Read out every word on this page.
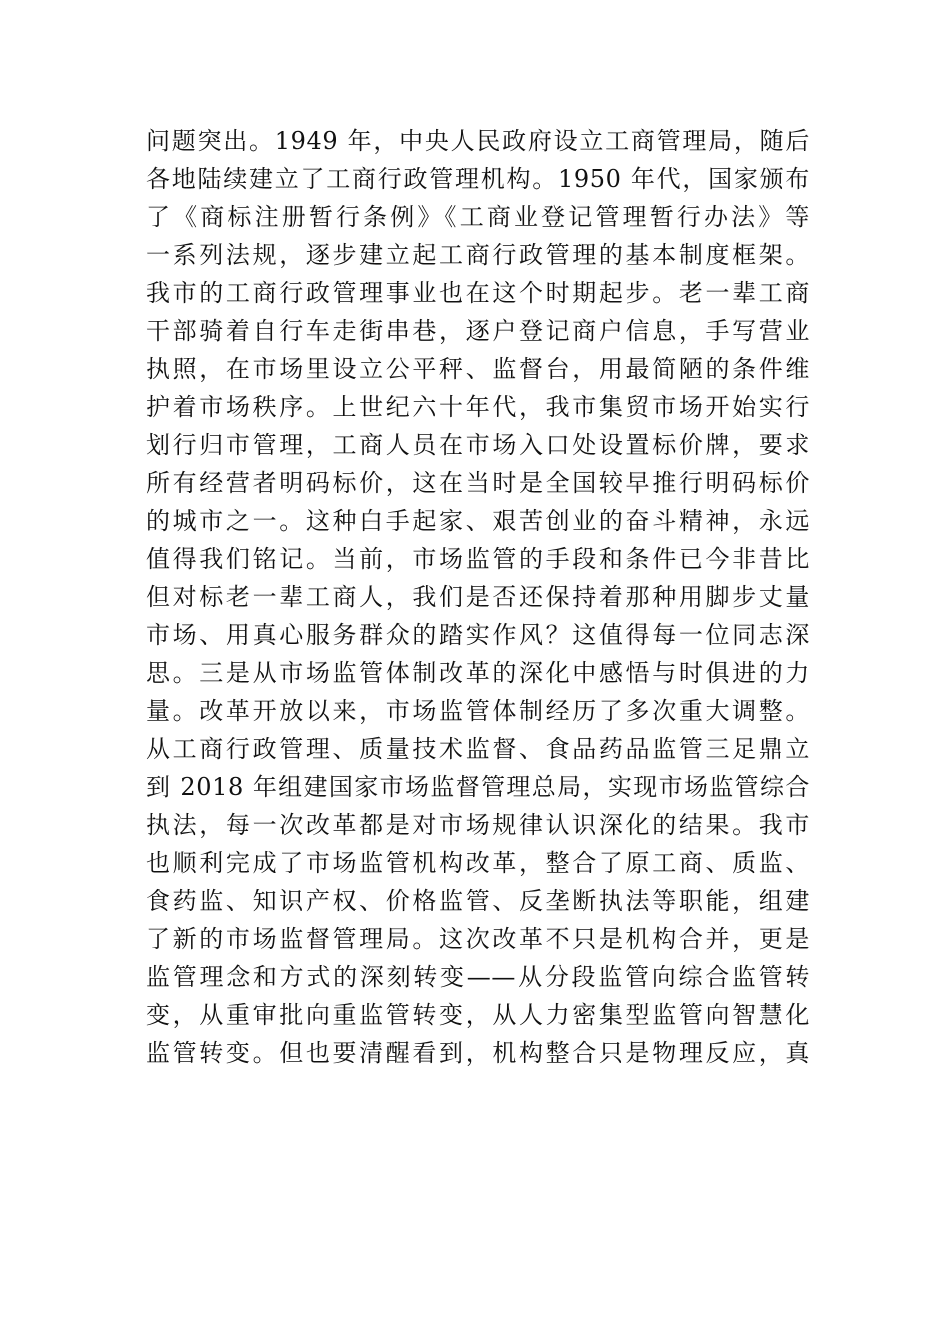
问题突出。1949 年，中央人民政府设立工商管理局，随后
各地陆续建立了工商行政管理机构。1950 年代，国家颁布
了《商标注册暂行条例》《工商业登记管理暂行办法》等
一系列法规，逐步建立起工商行政管理的基本制度框架。
我市的工商行政管理事业也在这个时期起步。老一辈工商
干部骑着自行车走街串巷，逐户登记商户信息，手写营业
执照，在市场里设立公平秤、监督台，用最简陋的条件维
护着市场秩序。上世纪六十年代，我市集贸市场开始实行
划行归市管理，工商人员在市场入口处设置标价牌，要求
所有经营者明码标价，这在当时是全国较早推行明码标价
的城市之一。这种白手起家、艰苦创业的奋斗精神，永远
值得我们铭记。当前，市场监管的手段和条件已今非昔比
但对标老一辈工商人，我们是否还保持着那种用脚步丈量
市场、用真心服务群众的踏实作风？这值得每一位同志深
思。三是从市场监管体制改革的深化中感悟与时俱进的力
量。改革开放以来，市场监管体制经历了多次重大调整。
从工商行政管理、质量技术监督、食品药品监管三足鼎立
到 2018 年组建国家市场监督管理总局，实现市场监管综合
执法，每一次改革都是对市场规律认识深化的结果。我市
也顺利完成了市场监管机构改革，整合了原工商、质监、
食药监、知识产权、价格监管、反垄断执法等职能，组建
了新的市场监督管理局。这次改革不只是机构合并，更是
监管理念和方式的深刻转变——从分段监管向综合监管转
变，从重审批向重监管转变，从人力密集型监管向智慧化
监管转变。但也要清醒看到，机构整合只是物理反应，真
